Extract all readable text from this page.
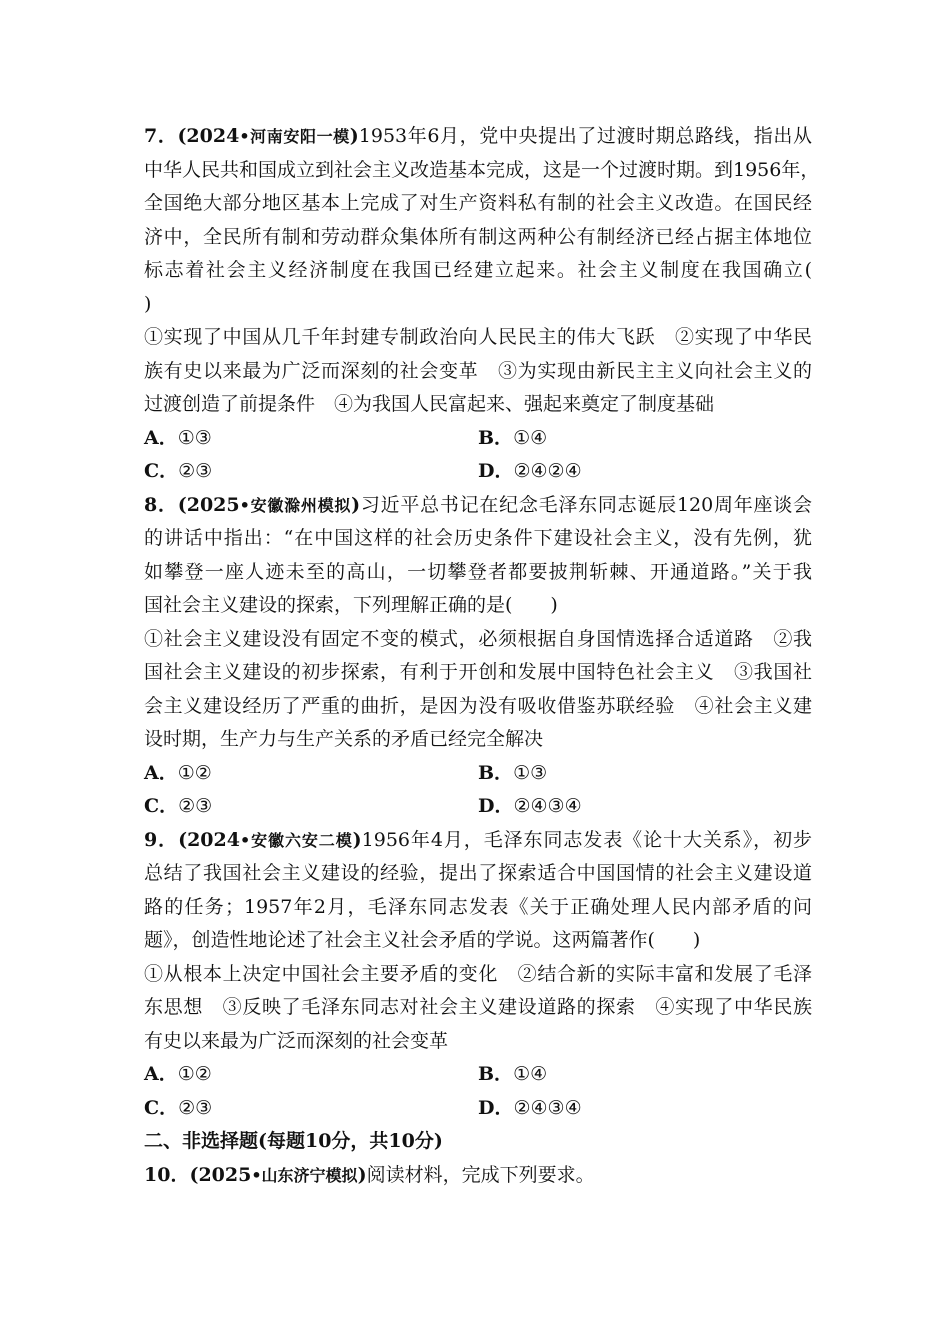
7．(2024•河南安阳一模)1953年6月，党中央提出了过渡时期总路线，指出从
中华人民共和国成立到社会主义改造基本完成，这是一个过渡时期。到1956年，
全国绝大部分地区基本上完成了对生产资料私有制的社会主义改造。在国民经
济中，全民所有制和劳动群众集体所有制这两种公有制经济已经占据主体地位
标志着社会主义经济制度在我国已经建立起来。社会主义制度在我国确立(
)
①实现了中国从几千年封建专制政治向人民民主的伟大飞跃　②实现了中华民
族有史以来最为广泛而深刻的社会变革　③为实现由新民主主义向社会主义的
过渡创造了前提条件　④为我国人民富起来、强起来奠定了制度基础
A．①③	B．①④
C．②③	D．②④②④
8．(2025•安徽滁州模拟)习近平总书记在纪念毛泽东同志诞辰120周年座谈会
的讲话中指出：“在中国这样的社会历史条件下建设社会主义，没有先例，犹
如攀登一座人迹未至的高山，一切攀登者都要披荆斩棘、开通道路。”关于我
国社会主义建设的探索，下列理解正确的是(　　)
①社会主义建设没有固定不变的模式，必须根据自身国情选择合适道路　②我
国社会主义建设的初步探索，有利于开创和发展中国特色社会主义　③我国社
会主义建设经历了严重的曲折，是因为没有吸收借鉴苏联经验　④社会主义建
设时期，生产力与生产关系的矛盾已经完全解决
A．①②	B．①③
C．②③	D．②④③④
9．(2024•安徽六安二模)1956年4月，毛泽东同志发表《论十大关系》，初步
总结了我国社会主义建设的经验，提出了探索适合中国国情的社会主义建设道
路的任务；1957年2月，毛泽东同志发表《关于正确处理人民内部矛盾的问
题》，创造性地论述了社会主义社会矛盾的学说。这两篇著作(　　)
①从根本上决定中国社会主要矛盾的变化　②结合新的实际丰富和发展了毛泽
东思想　③反映了毛泽东同志对社会主义建设道路的探索　④实现了中华民族
有史以来最为广泛而深刻的社会变革
A．①②	B．①④
C．②③	D．②④③④
二、非选择题(每题10分，共10分)
10．(2025•山东济宁模拟)阅读材料，完成下列要求。
